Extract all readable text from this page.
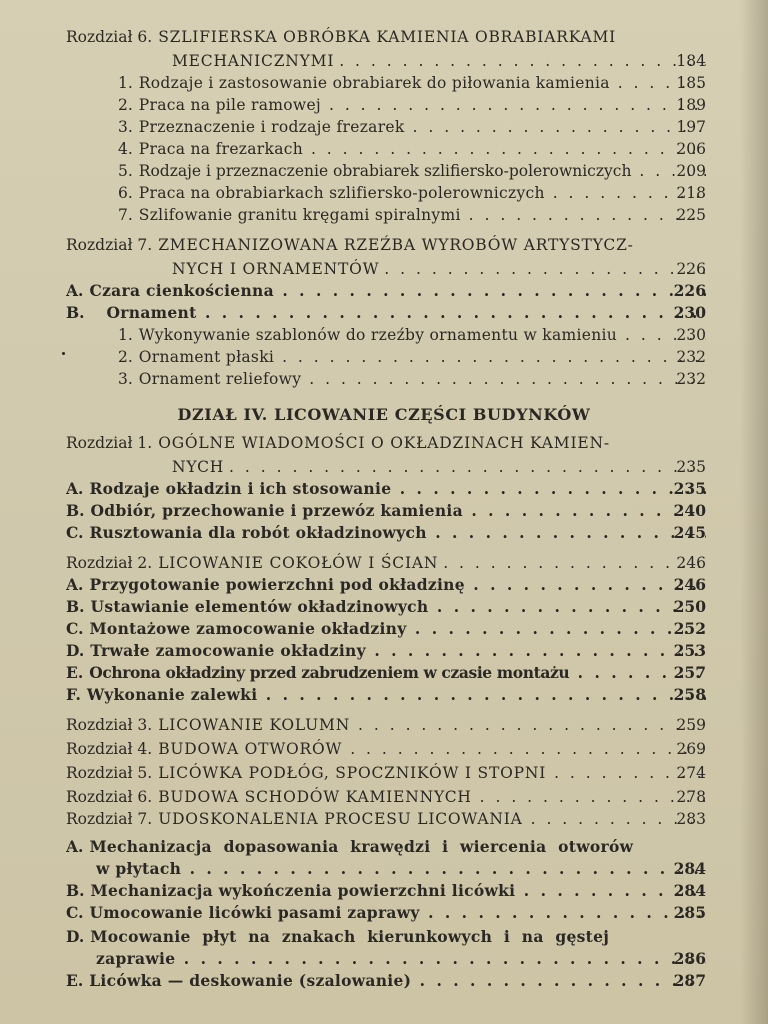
Rozdział 6. SZLIFIERSKA OBRÓBKA KAMIENIA OBRABIARKAMI
MECHANICZNYMI	184
. . .
1. Rodzaje i zastosowanie obrabiarek do piłowania kamienia	185
. . .
2. Praca na pile ramowej	189
. . .
3. Przeznaczenie i rodzaje frezarek	197
. . .
4. Praca na frezarkach	206
. . .
5. Rodzaje i przeznaczenie obrabiarek szlifiersko-polerowniczych	209
. . .
6. Praca na obrabiarkach szlifiersko-polerowniczych	218
. . .
7. Szlifowanie granitu kręgami spiralnymi	225
. . .
Rozdział 7. ZMECHANIZOWANA RZEŹBA WYROBÓW ARTYSTYCZ-
NYCH I ORNAMENTÓW	226
. . .
A. Czara cienkościenna	226
. . .
B. Ornament	230
. . .
1. Wykonywanie szablonów do rzeźby ornamentu w kamieniu	230
. . .
2. Ornament płaski	232
. . .
3. Ornament reliefowy	232
. . .
DZIAŁ IV. LICOWANIE CZĘŚCI BUDYNKÓW
Rozdział 1. OGÓLNE WIADOMOŚCI O OKŁADZINACH KAMIEN-
NYCH	235
. . .
A. Rodzaje okładzin i ich stosowanie	235
. . .
B. Odbiór, przechowanie i przewóz kamienia	240
. . .
C. Rusztowania dla robót okładzinowych	245
. . .
Rozdział 2. LICOWANIE COKOŁÓW I ŚCIAN	246
. . .
A. Przygotowanie powierzchni pod okładzinę	246
. . .
B. Ustawianie elementów okładzinowych	250
. . .
C. Montażowe zamocowanie okładziny	252
. . .
D. Trwałe zamocowanie okładziny	253
. . .
E. Ochrona okładziny przed zabrudzeniem w czasie montażu	257
. . .
F. Wykonanie zalewki	258
. . .
Rozdział 3. LICOWANIE KOLUMN	259
. . .
Rozdział 4. BUDOWA OTWORÓW	269
. . .
Rozdział 5. LICÓWKA PODŁÓG, SPOCZNIKÓW I STOPNI	274
. . .
Rozdział 6. BUDOWA SCHODÓW KAMIENNYCH	278
. . .
Rozdział 7. UDOSKONALENIA PROCESU LICOWANIA	283
. . .
A. Mechanizacja dopasowania krawędzi i wiercenia otworów
w płytach	284
. . .
B. Mechanizacja wykończenia powierzchni licówki	284
. . .
C. Umocowanie licówki pasami zaprawy	285
. . .
D. Mocowanie płyt na znakach kierunkowych i na gęstej
zaprawie	286
. . .
E. Licówka — deskowanie (szalowanie)	287
. . .
